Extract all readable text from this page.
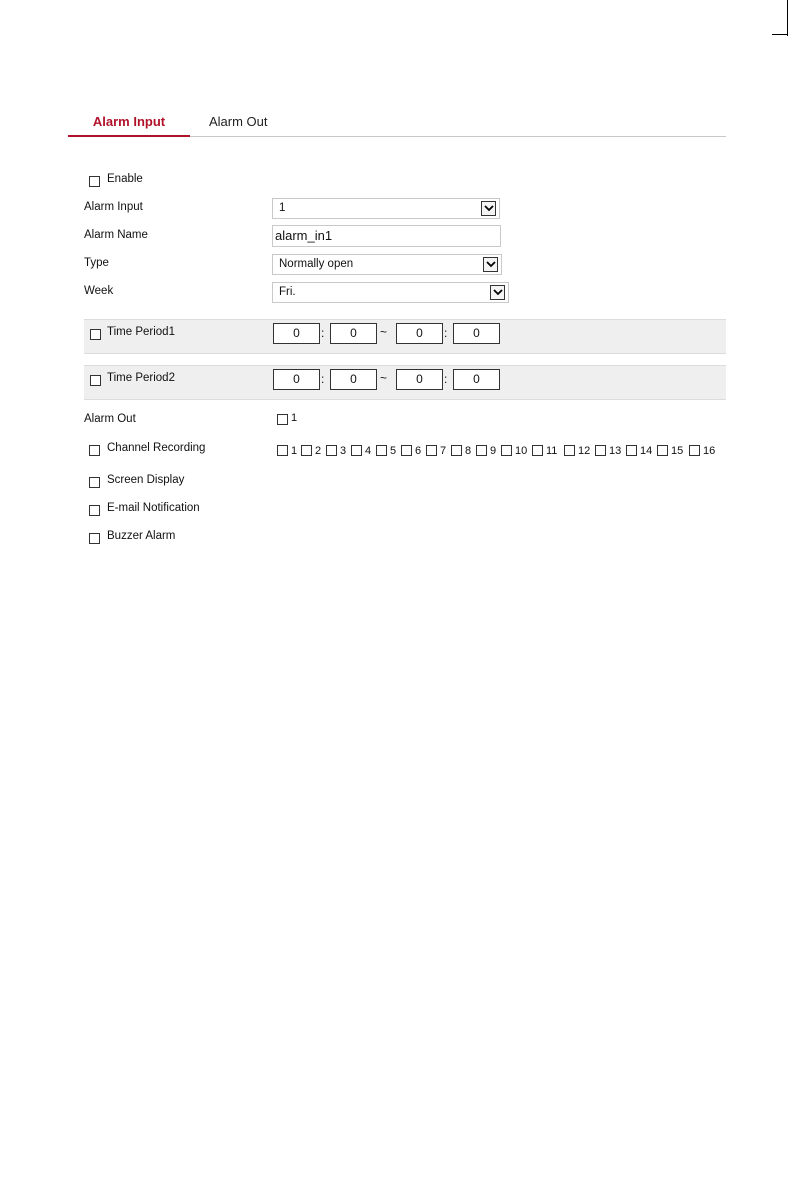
Alarm Input	Alarm Out
Enable
Alarm Input	1
Alarm Name	alarm_in1
Type	Normally open
Week	Fri.
Time Period1	0	:	0	~	0	:	0
Time Period2	0	:	0	~	0	:	0
Alarm Out	1
Channel Recording	1	2	3	4	5	6	7	8	9	10	11	12	13	14	15	16
Screen Display
E-mail Notification
Buzzer Alarm
